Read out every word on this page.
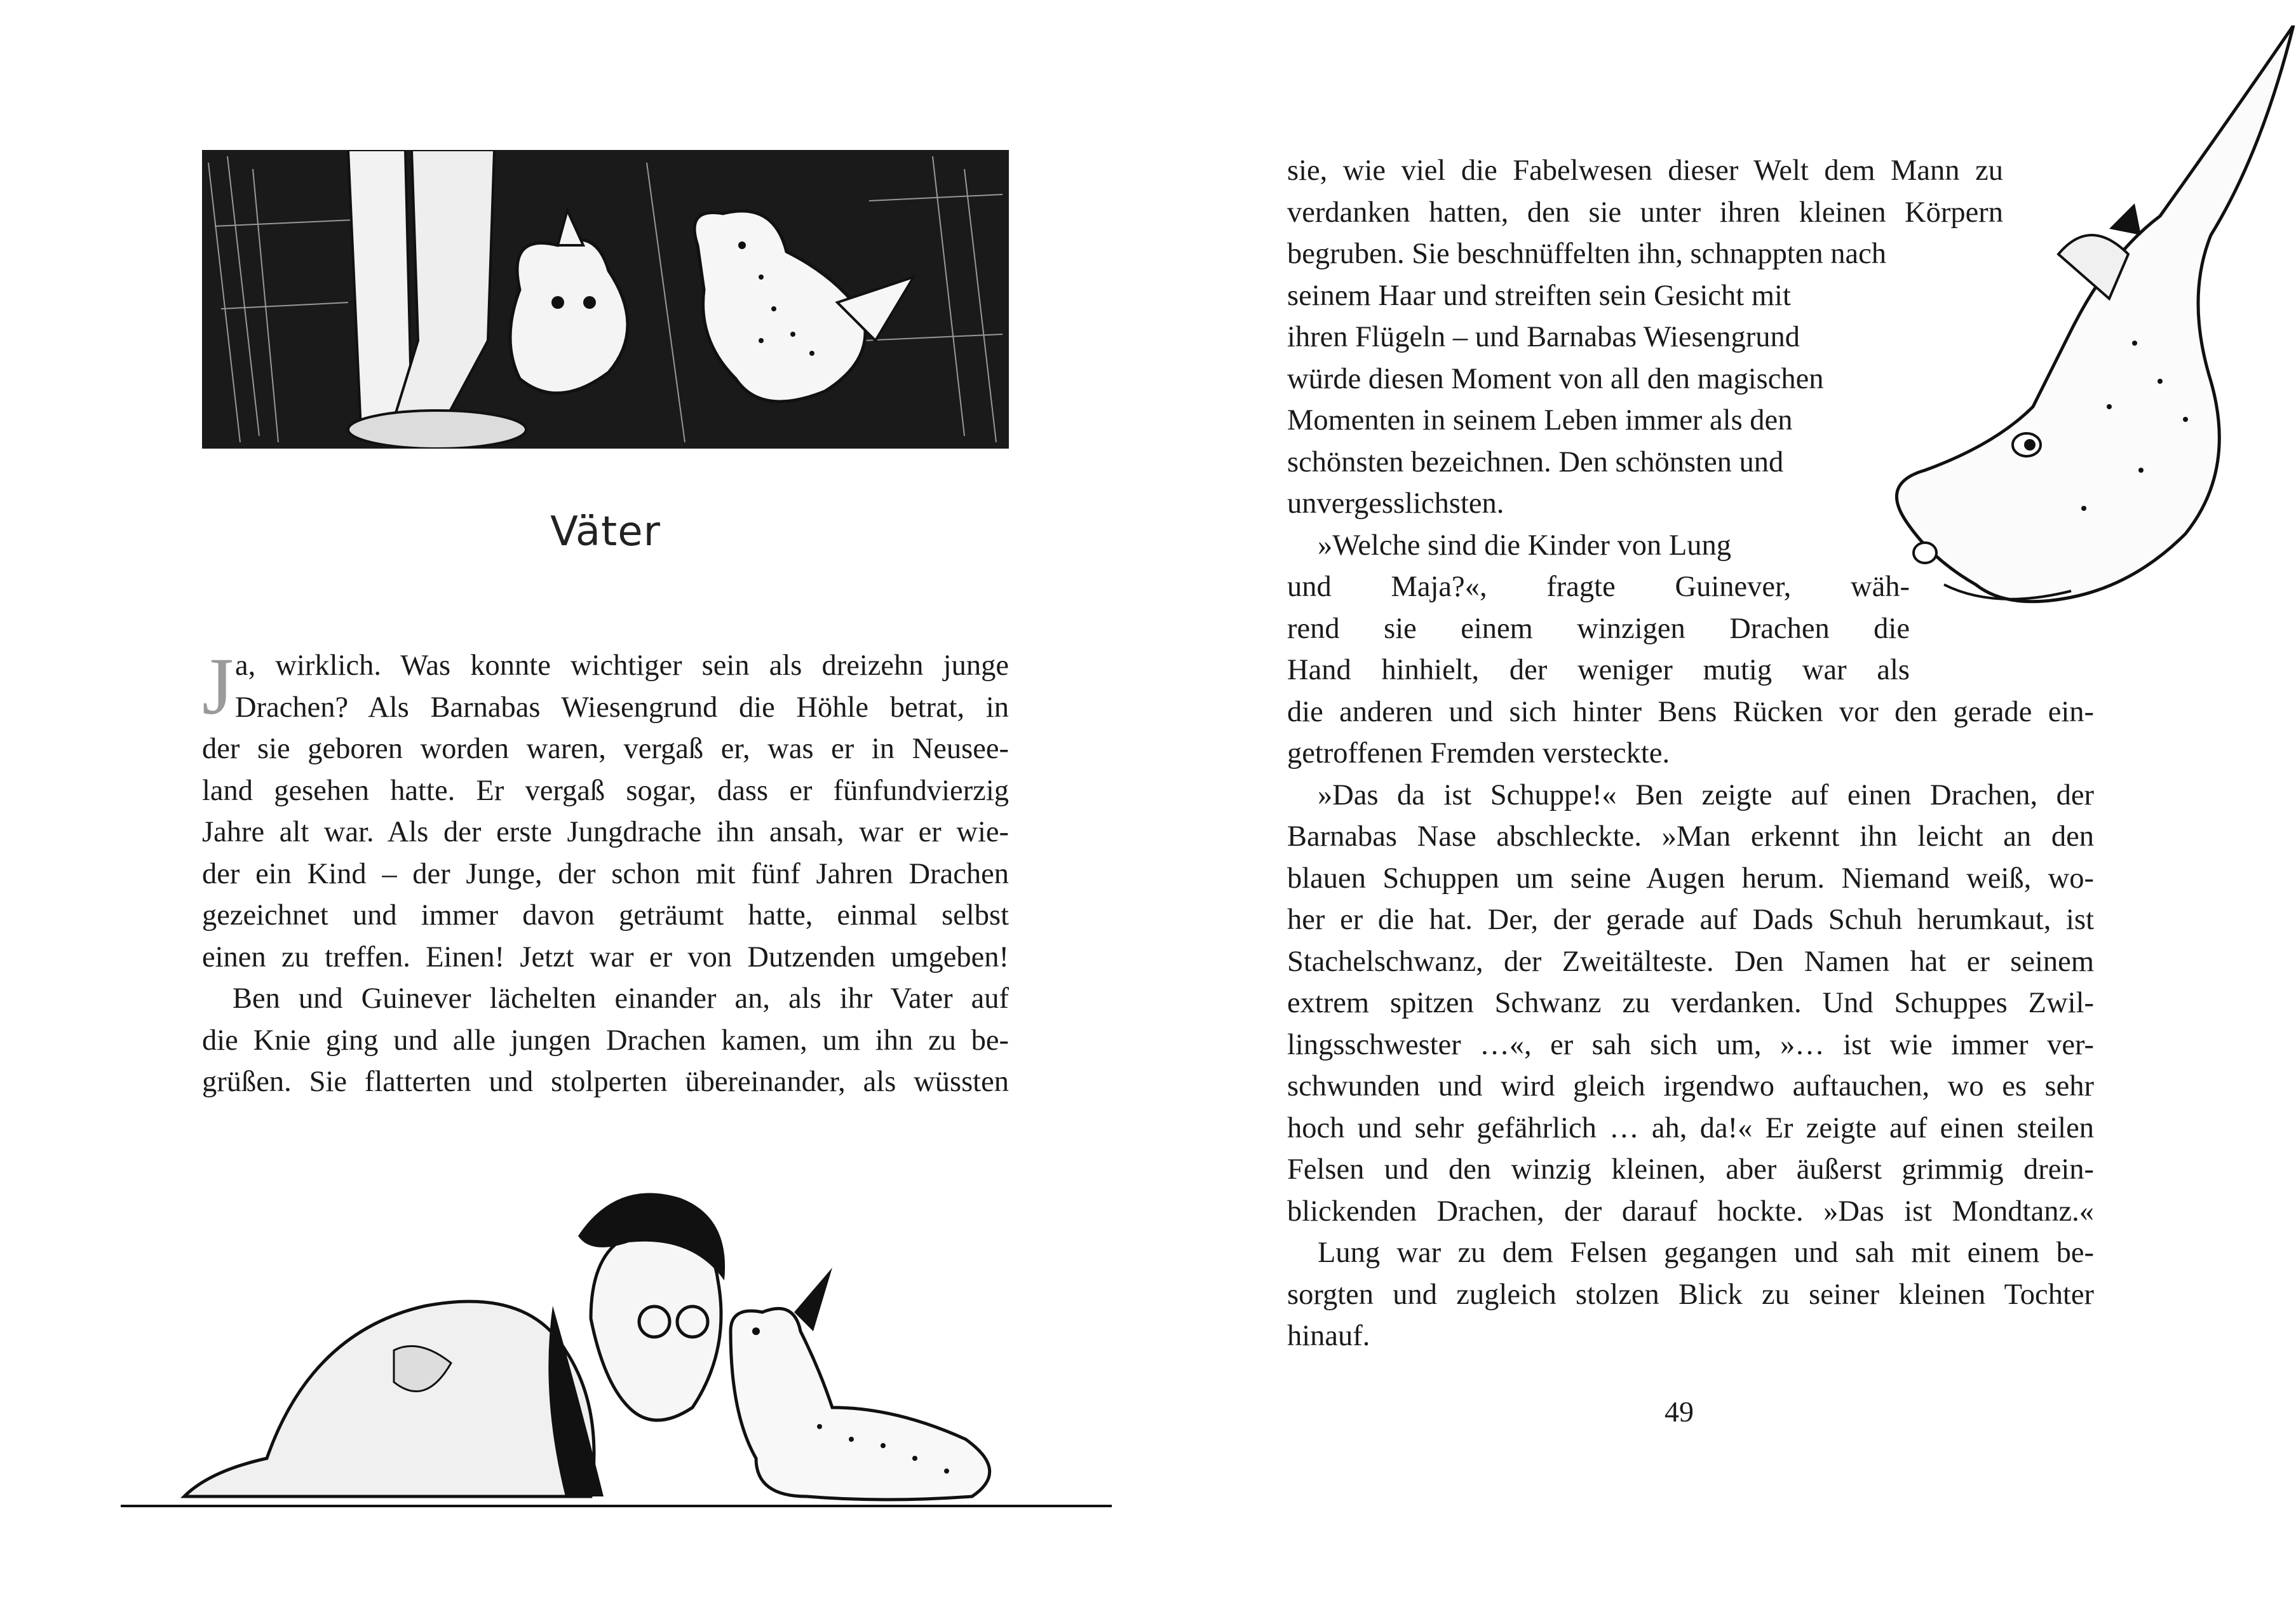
Väter
J a, wirklich. Was konnte wichtiger sein als dreizehn junge
Drachen? Als Barnabas Wiesengrund die Höhle betrat, in
der sie geboren worden waren, vergaß er, was er in Neusee-
land gesehen hatte. Er vergaß sogar, dass er fünfundvierzig
Jahre alt war. Als der erste Jungdrache ihn ansah, war er wie-
der ein Kind – der Junge, der schon mit fünf Jahren Drachen
gezeichnet und immer davon geträumt hatte, einmal selbst
einen zu treffen. Einen! Jetzt war er von Dutzenden umgeben!
Ben und Guinever lächelten einander an, als ihr Vater auf
die Knie ging und alle jungen Drachen kamen, um ihn zu be-
grüßen. Sie flatterten und stolperten übereinander, als wüssten
sie, wie viel die Fabelwesen dieser Welt dem Mann zu
verdanken hatten, den sie unter ihren kleinen Körpern
begruben. Sie beschnüffelten ihn, schnappten nach
seinem Haar und streiften sein Gesicht mit
ihren Flügeln – und Barnabas Wiesengrund
würde diesen Moment von all den magischen
Momenten in seinem Leben immer als den
schönsten bezeichnen. Den schönsten und
unvergesslichsten.
»Welche sind die Kinder von Lung
und Maja?«, fragte Guinever, wäh-
rend sie einem winzigen Drachen die
Hand hinhielt, der weniger mutig war als
die anderen und sich hinter Bens Rücken vor den gerade ein-
getroffenen Fremden versteckte.
»Das da ist Schuppe!« Ben zeigte auf einen Drachen, der
Barnabas Nase abschleckte. »Man erkennt ihn leicht an den
blauen Schuppen um seine Augen herum. Niemand weiß, wo-
her er die hat. Der, der gerade auf Dads Schuh herumkaut, ist
Stachelschwanz, der Zweitälteste. Den Namen hat er seinem
extrem spitzen Schwanz zu verdanken. Und Schuppes Zwil-
lingsschwester …«, er sah sich um, »… ist wie immer ver-
schwunden und wird gleich irgendwo auftauchen, wo es sehr
hoch und sehr gefährlich … ah, da!« Er zeigte auf einen steilen
Felsen und den winzig kleinen, aber äußerst grimmig drein-
blickenden Drachen, der darauf hockte. »Das ist Mondtanz.«
Lung war zu dem Felsen gegangen und sah mit einem be-
sorgten und zugleich stolzen Blick zu seiner kleinen Tochter
hinauf.
49
